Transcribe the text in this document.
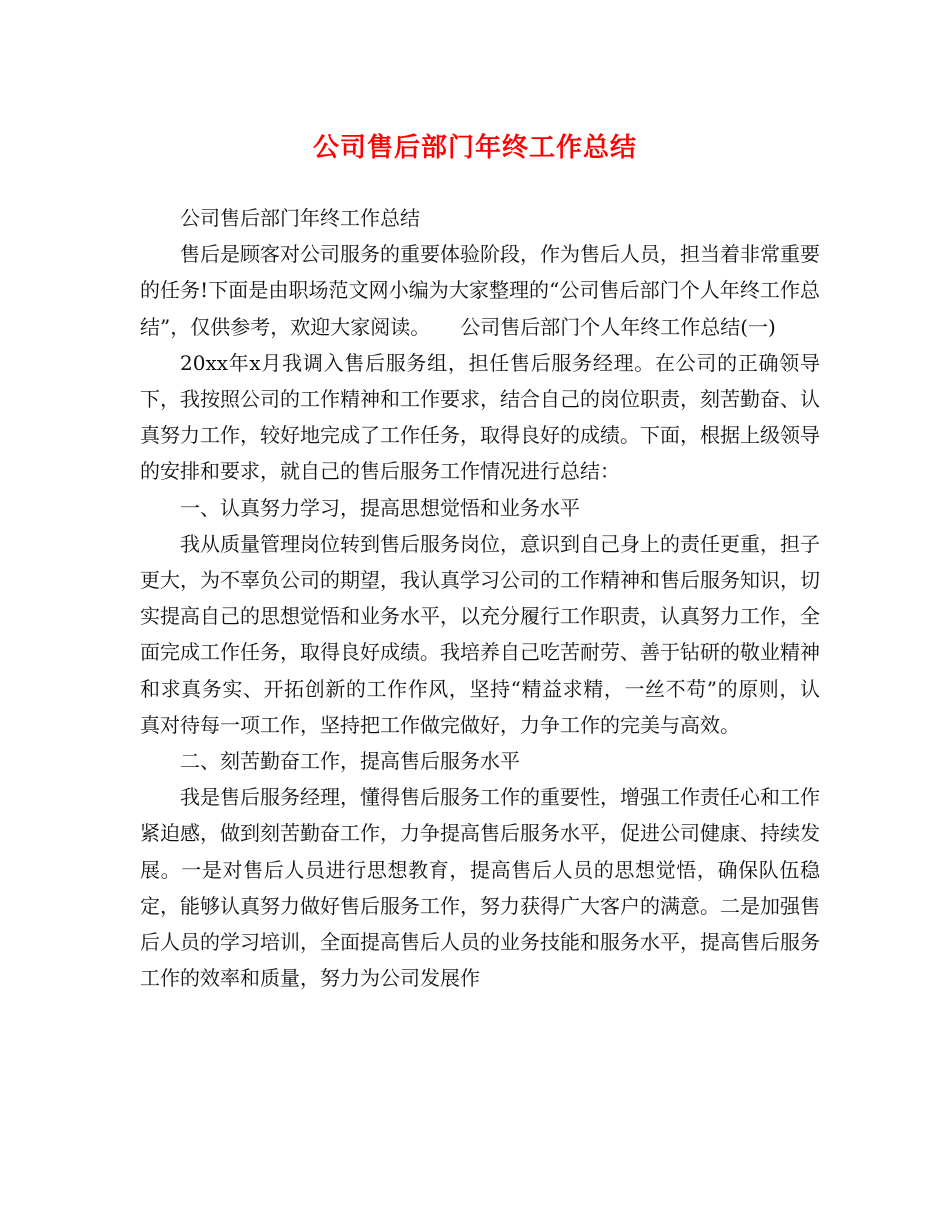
公司售后部门年终工作总结

公司售后部门年终工作总结

售后是顾客对公司服务的重要体验阶段，作为售后人员，担当着非常重要的任务!下面是由职场范文网小编为大家整理的“公司售后部门个人年终工作总结”，仅供参考，欢迎大家阅读。　　公司售后部门个人年终工作总结(一)

20xx年x月我调入售后服务组，担任售后服务经理。在公司的正确领导下，我按照公司的工作精神和工作要求，结合自己的岗位职责，刻苦勤奋、认真努力工作，较好地完成了工作任务，取得良好的成绩。下面，根据上级领导的安排和要求，就自己的售后服务工作情况进行总结：

一、认真努力学习，提高思想觉悟和业务水平

我从质量管理岗位转到售后服务岗位，意识到自己身上的责任更重，担子更大，为不辜负公司的期望，我认真学习公司的工作精神和售后服务知识，切实提高自己的思想觉悟和业务水平，以充分履行工作职责，认真努力工作，全面完成工作任务，取得良好成绩。我培养自己吃苦耐劳、善于钻研的敬业精神和求真务实、开拓创新的工作作风，坚持“精益求精，一丝不苟”的原则，认真对待每一项工作，坚持把工作做完做好，力争工作的完美与高效。

二、刻苦勤奋工作，提高售后服务水平

我是售后服务经理，懂得售后服务工作的重要性，增强工作责任心和工作紧迫感，做到刻苦勤奋工作，力争提高售后服务水平，促进公司健康、持续发展。一是对售后人员进行思想教育，提高售后人员的思想觉悟，确保队伍稳定，能够认真努力做好售后服务工作，努力获得广大客户的满意。二是加强售后人员的学习培训，全面提高售后人员的业务技能和服务水平，提高售后服务工作的效率和质量，努力为公司发展作
